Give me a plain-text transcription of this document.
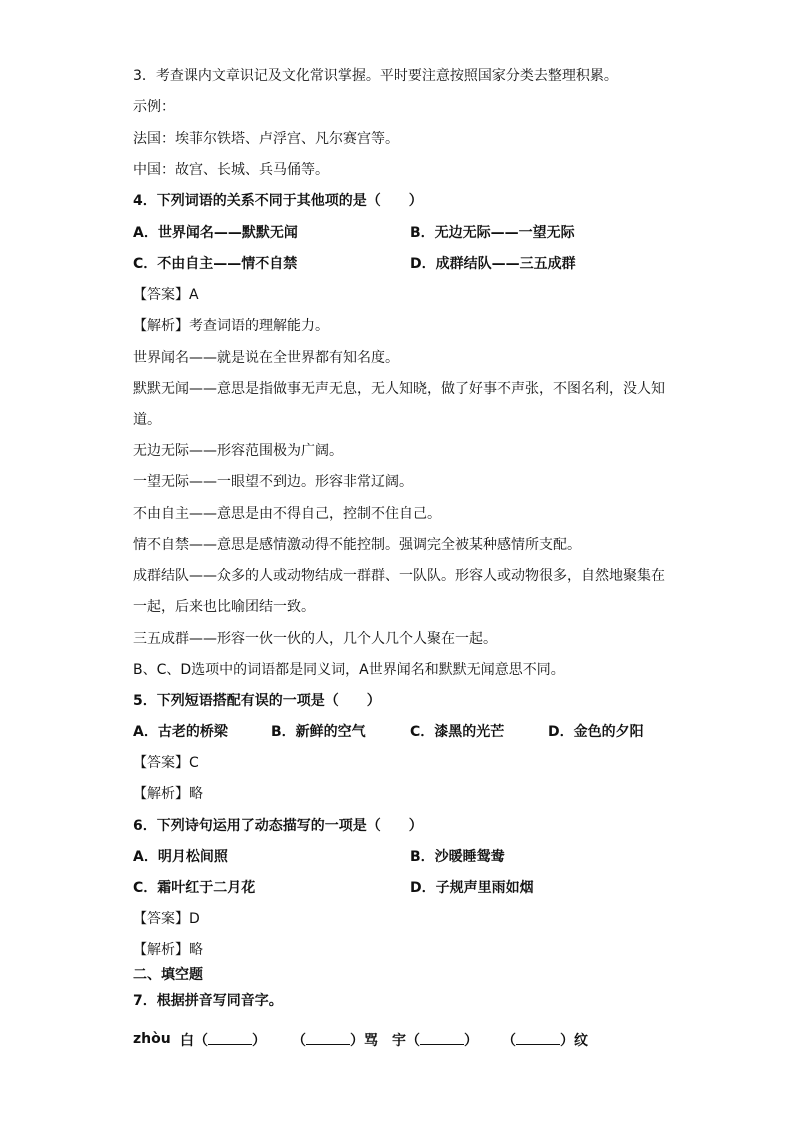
3．考查课内文章识记及文化常识掌握。平时要注意按照国家分类去整理积累。
示例：
法国：埃菲尔铁塔、卢浮宫、凡尔赛宫等。
中国：故宫、长城、兵马俑等。
4．下列词语的关系不同于其他项的是（　　）
A．世界闻名——默默无闻	B．无边无际——一望无际
C．不由自主——情不自禁	D．成群结队——三五成群
【答案】A
【解析】考查词语的理解能力。
世界闻名——就是说在全世界都有知名度。
默默无闻——意思是指做事无声无息，无人知晓，做了好事不声张，不图名利，没人知
道。
无边无际——形容范围极为广阔。
一望无际——一眼望不到边。形容非常辽阔。
不由自主——意思是由不得自己，控制不住自己。
情不自禁——意思是感情激动得不能控制。强调完全被某种感情所支配。
成群结队——众多的人或动物结成一群群、一队队。形容人或动物很多，自然地聚集在
一起，后来也比喻团结一致。
三五成群——形容一伙一伙的人，几个人几个人聚在一起。
B、C、D选项中的词语都是同义词，A世界闻名和默默无闻意思不同。
5．下列短语搭配有误的一项是（　　）
A．古老的桥梁	B．新鲜的空气	C．漆黑的光芒	D．金色的夕阳
【答案】C
【解析】略
6．下列诗句运用了动态描写的一项是（　　）
A．明月松间照	B．沙暖睡鸳鸯
C．霜叶红于二月花	D．子规声里雨如烟
【答案】D
【解析】略
二、填空题
7．根据拼音写同音字。
zhòu 白（	） （	）骂 宇（	） （	）纹
